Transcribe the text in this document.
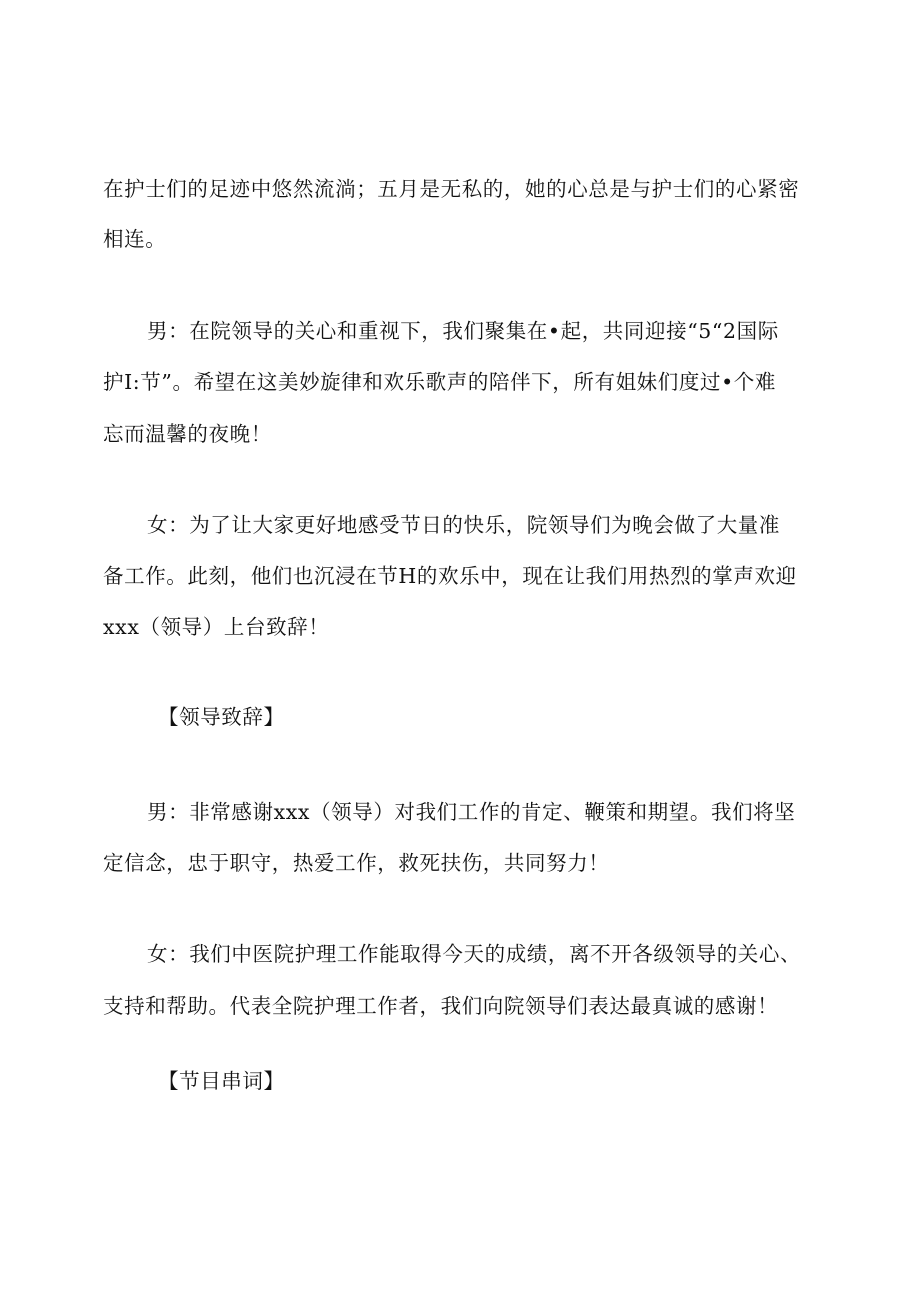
在护士们的足迹中悠然流淌；五月是无私的，她的心总是与护士们的心紧密
相连。
男：在院领导的关心和重视下，我们聚集在•起，共同迎接“5“2国际
护I:节”。希望在这美妙旋律和欢乐歌声的陪伴下，所有姐妹们度过•个难
忘而温馨的夜晚！
女：为了让大家更好地感受节日的快乐，院领导们为晚会做了大量准
备工作。此刻，他们也沉浸在节H的欢乐中，现在让我们用热烈的掌声欢迎
xxx（领导）上台致辞！
【领导致辞】
男：非常感谢xxx（领导）对我们工作的肯定、鞭策和期望。我们将坚
定信念，忠于职守，热爱工作，救死扶伤，共同努力！
女：我们中医院护理工作能取得今天的成绩，离不开各级领导的关心、
支持和帮助。代表全院护理工作者，我们向院领导们表达最真诚的感谢！
【节目串词】
